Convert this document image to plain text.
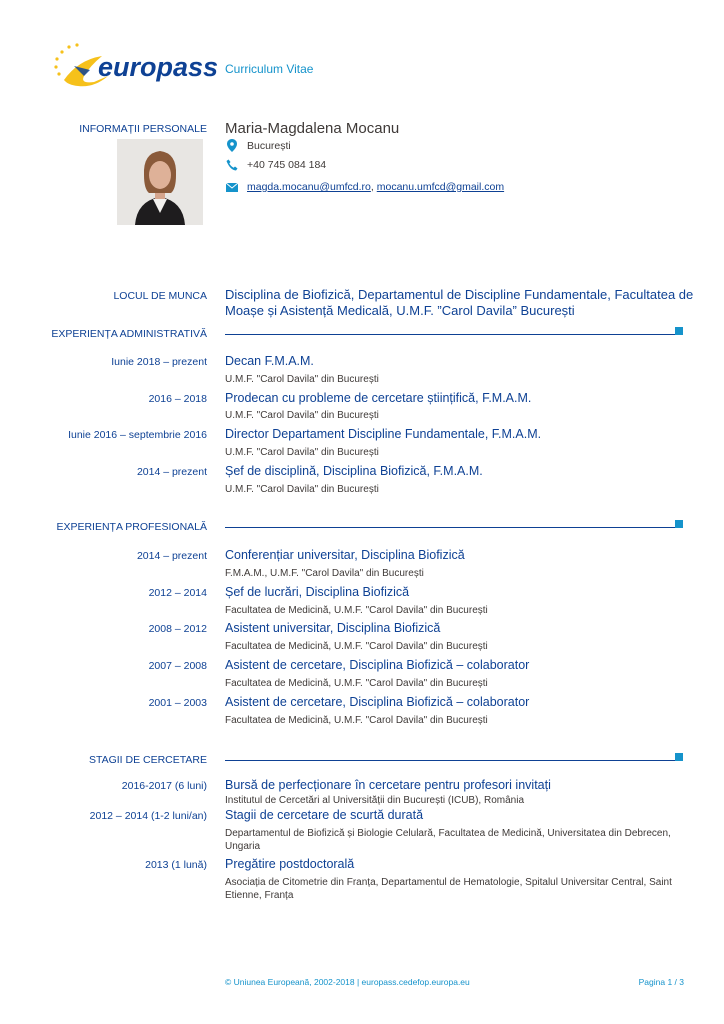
europass Curriculum Vitae
INFORMAȚII PERSONALE Maria-Magdalena Mocanu
București
+40 745 084 184
magda.mocanu@umfcd.ro , mocanu.umfcd@gmail.com
LOCUL DE MUNCA Disciplina de Biofizică, Departamentul de Discipline Fundamentale, Facultatea de Moașe și Asistență Medicală, U.M.F. ”Carol Davila” București
EXPERIENȚA ADMINISTRATIVĂ
Iunie 2018 – prezent Decan F.M.A.M.
U.M.F. "Carol Davila" din București
2016 – 2018 Prodecan cu probleme de cercetare științifică, F.M.A.M.
U.M.F. "Carol Davila" din București
Iunie 2016 – septembrie 2016 Director Departament Discipline Fundamentale, F.M.A.M.
U.M.F. "Carol Davila" din București
2014 – prezent Șef de disciplină, Disciplina Biofizică, F.M.A.M.
U.M.F. "Carol Davila" din București
EXPERIENȚA PROFESIONALĂ
2014 – prezent Conferențiar universitar, Disciplina Biofizică
F.M.A.M., U.M.F. "Carol Davila" din București
2012 – 2014 Șef de lucrări, Disciplina Biofizică
Facultatea de Medicină, U.M.F. "Carol Davila" din București
2008 – 2012 Asistent universitar, Disciplina Biofizică
Facultatea de Medicină, U.M.F. "Carol Davila" din București
2007 – 2008 Asistent de cercetare, Disciplina Biofizică – colaborator
Facultatea de Medicină, U.M.F. "Carol Davila" din București
2001 – 2003 Asistent de cercetare, Disciplina Biofizică – colaborator
Facultatea de Medicină, U.M.F. "Carol Davila" din București
STAGII DE CERCETARE
2016-2017 (6 luni) Bursă de perfecționare în cercetare pentru profesori invitați
Institutul de Cercetări al Universității din București (ICUB), România
2012 – 2014 (1-2 luni/an) Stagii de cercetare de scurtă durată
Departamentul de Biofizică și Biologie Celulară, Facultatea de Medicină, Universitatea din Debrecen, Ungaria
2013 (1 lună) Pregătire postdoctorală
Asociația de Citometrie din Franța, Departamentul de Hematologie, Spitalul Universitar Central, Saint Etienne, Franța
© Uniunea Europeană, 2002-2018 | europass.cedefop.europa.eu	Pagina 1 / 3
